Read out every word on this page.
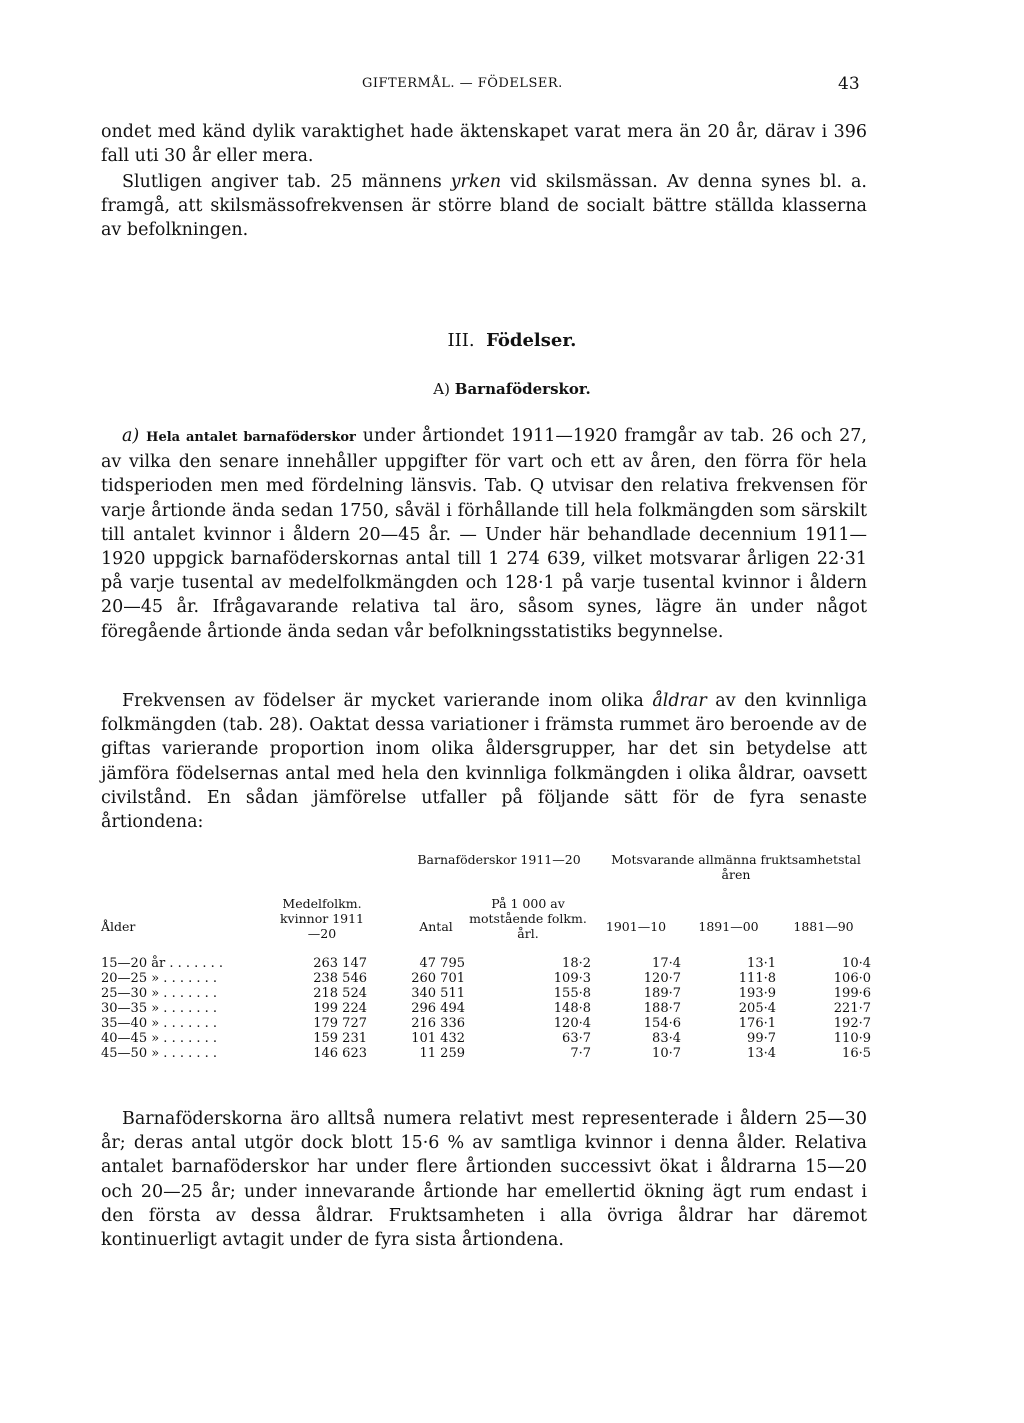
GIFTERMÅL. — FÖDELSER.	43

ondet med känd dylik varaktighet hade äktenskapet varat mera än 20 år, därav i 396 fall uti 30 år eller mera.

Slutligen angiver tab. 25 männens yrken vid skilsmässan. Av denna synes bl. a. framgå, att skilsmässofrekvensen är större bland de socialt bättre ställda klasserna av befolkningen.

III. Födelser.
A) Barnaföderskor.

a) Hela antalet barnaföderskor under årtiondet 1911—1920 framgår av tab. 26 och 27, av vilka den senare innehåller uppgifter för vart och ett av åren, den förra för hela tidsperioden men med fördelning länsvis. Tab. Q utvisar den relativa frekvensen för varje årtionde ända sedan 1750, såväl i förhållande till hela folkmängden som särskilt till antalet kvinnor i åldern 20—45 år. — Under här behandlade decennium 1911—1920 uppgick barnaföderskornas antal till 1 274 639, vilket motsvarar årligen 22·31 på varje tusental av medelfolkmängden och 128·1 på varje tusental kvinnor i åldern 20—45 år. Ifrågavarande relativa tal äro, såsom synes, lägre än under något föregående årtionde ända sedan vår befolkningsstatistiks begynnelse.

Frekvensen av födelser är mycket varierande inom olika åldrar av den kvinnliga folkmängden (tab. 28). Oaktat dessa variationer i främsta rummet äro beroende av de giftas varierande proportion inom olika åldersgrupper, har det sin betydelse att jämföra födelsernas antal med hela den kvinnliga folkmängden i olika åldrar, oavsett civilstånd. En sådan jämförelse utfaller på följande sätt för de fyra senaste årtiondena:

		Barnaföderskor 1911—20		Motsvarande allmänna fruktsamhetstal åren		
Ålder	Medelfolkm. kvinnor 1911—20	Antal	På 1 000 av motstående folkm. årl.	1901—10	1891—00	1881—90
15—20 år . . . . . . .	263 147	47 795	18·2	17·4	13·1	10·4
20—25 » . . . . . . .	238 546	260 701	109·3	120·7	111·8	106·0
25—30 » . . . . . . .	218 524	340 511	155·8	189·7	193·9	199·6
30—35 » . . . . . . .	199 224	296 494	148·8	188·7	205·4	221·7
35—40 » . . . . . . .	179 727	216 336	120·4	154·6	176·1	192·7
40—45 » . . . . . . .	159 231	101 432	63·7	83·4	99·7	110·9
45—50 » . . . . . . .	146 623	11 259	7·7	10·7	13·4	16·5

Barnaföderskorna äro alltså numera relativt mest representerade i åldern 25—30 år; deras antal utgör dock blott 15·6 % av samtliga kvinnor i denna ålder. Relativa antalet barnaföderskor har under flere årtionden successivt ökat i åldrarna 15—20 och 20—25 år; under innevarande årtionde har emellertid ökning ägt rum endast i den första av dessa åldrar. Fruktsamheten i alla övriga åldrar har däremot kontinuerligt avtagit under de fyra sista årtiondena.
